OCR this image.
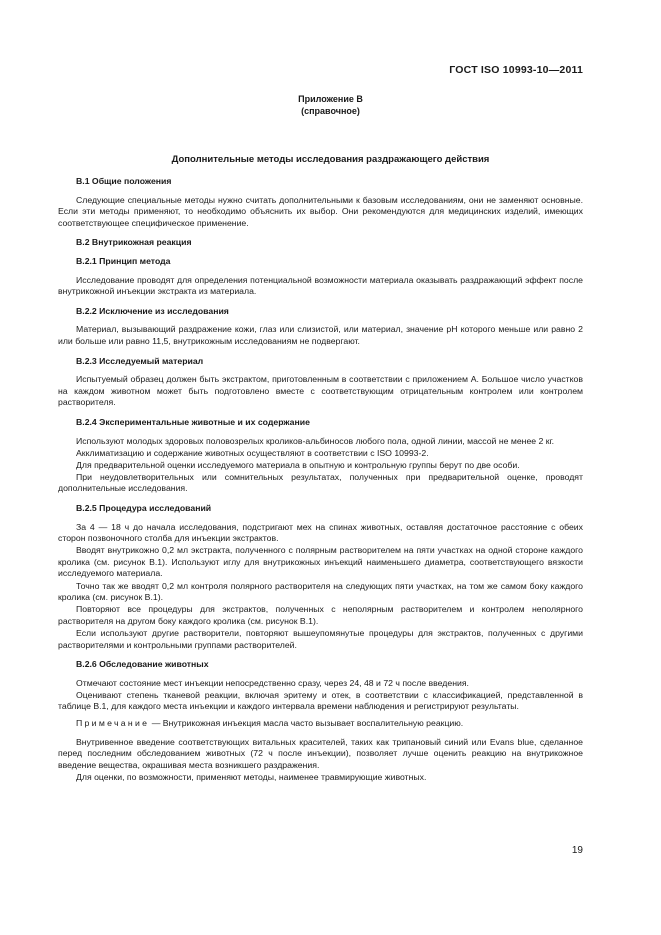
ГОСТ ISO 10993-10—2011
Приложение В
(справочное)
Дополнительные методы исследования раздражающего действия
В.1 Общие положения
Следующие специальные методы нужно считать дополнительными к базовым исследованиям, они не заменяют основные. Если эти методы применяют, то необходимо объяснить их выбор. Они рекомендуются для медицинских изделий, имеющих соответствующее специфическое применение.
В.2 Внутрикожная реакция
В.2.1 Принцип метода
Исследование проводят для определения потенциальной возможности материала оказывать раздражающий эффект после внутрикожной инъекции экстракта из материала.
В.2.2 Исключение из исследования
Материал, вызывающий раздражение кожи, глаз или слизистой, или материал, значение pH которого меньше или равно 2 или больше или равно 11,5, внутрикожным исследованиям не подвергают.
В.2.3 Исследуемый материал
Испытуемый образец должен быть экстрактом, приготовленным в соответствии с приложением А. Большое число участков на каждом животном может быть подготовлено вместе с соответствующим отрицательным контролем или контролем растворителя.
В.2.4 Экспериментальные животные и их содержание
Используют молодых здоровых половозрелых кроликов-альбиносов любого пола, одной линии, массой не менее 2 кг.
Акклиматизацию и содержание животных осуществляют в соответствии с ISO 10993-2.
Для предварительной оценки исследуемого материала в опытную и контрольную группы берут по две особи.
При неудовлетворительных или сомнительных результатах, полученных при предварительной оценке, проводят дополнительные исследования.
В.2.5 Процедура исследований
За 4 — 18 ч до начала исследования, подстригают мех на спинах животных, оставляя достаточное расстояние с обеих сторон позвоночного столба для инъекции экстрактов.
Вводят внутрикожно 0,2 мл экстракта, полученного с полярным растворителем на пяти участках на одной стороне каждого кролика (см. рисунок В.1). Используют иглу для внутрикожных инъекций наименьшего диаметра, соответствующего вязкости исследуемого материала.
Точно так же вводят 0,2 мл контроля полярного растворителя на следующих пяти участках, на том же самом боку каждого кролика (см. рисунок В.1).
Повторяют все процедуры для экстрактов, полученных с неполярным растворителем и контролем неполярного растворителя на другом боку каждого кролика (см. рисунок В.1).
Если используют другие растворители, повторяют вышеупомянутые процедуры для экстрактов, полученных с другими растворителями и контрольными группами растворителей.
В.2.6 Обследование животных
Отмечают состояние мест инъекции непосредственно сразу, через 24, 48 и 72 ч после введения.
Оценивают степень тканевой реакции, включая эритему и отек, в соответствии с классификацией, представленной в таблице В.1, для каждого места инъекции и каждого интервала времени наблюдения и регистрируют результаты.
Примечание — Внутрикожная инъекция масла часто вызывает воспалительную реакцию.
Внутривенное введение соответствующих витальных красителей, таких как трипановый синий или Evans blue, сделанное перед последним обследованием животных (72 ч после инъекции), позволяет лучше оценить реакцию на внутрикожное введение вещества, окрашивая места возникшего раздражения.
Для оценки, по возможности, применяют методы, наименее травмирующие животных.
19
